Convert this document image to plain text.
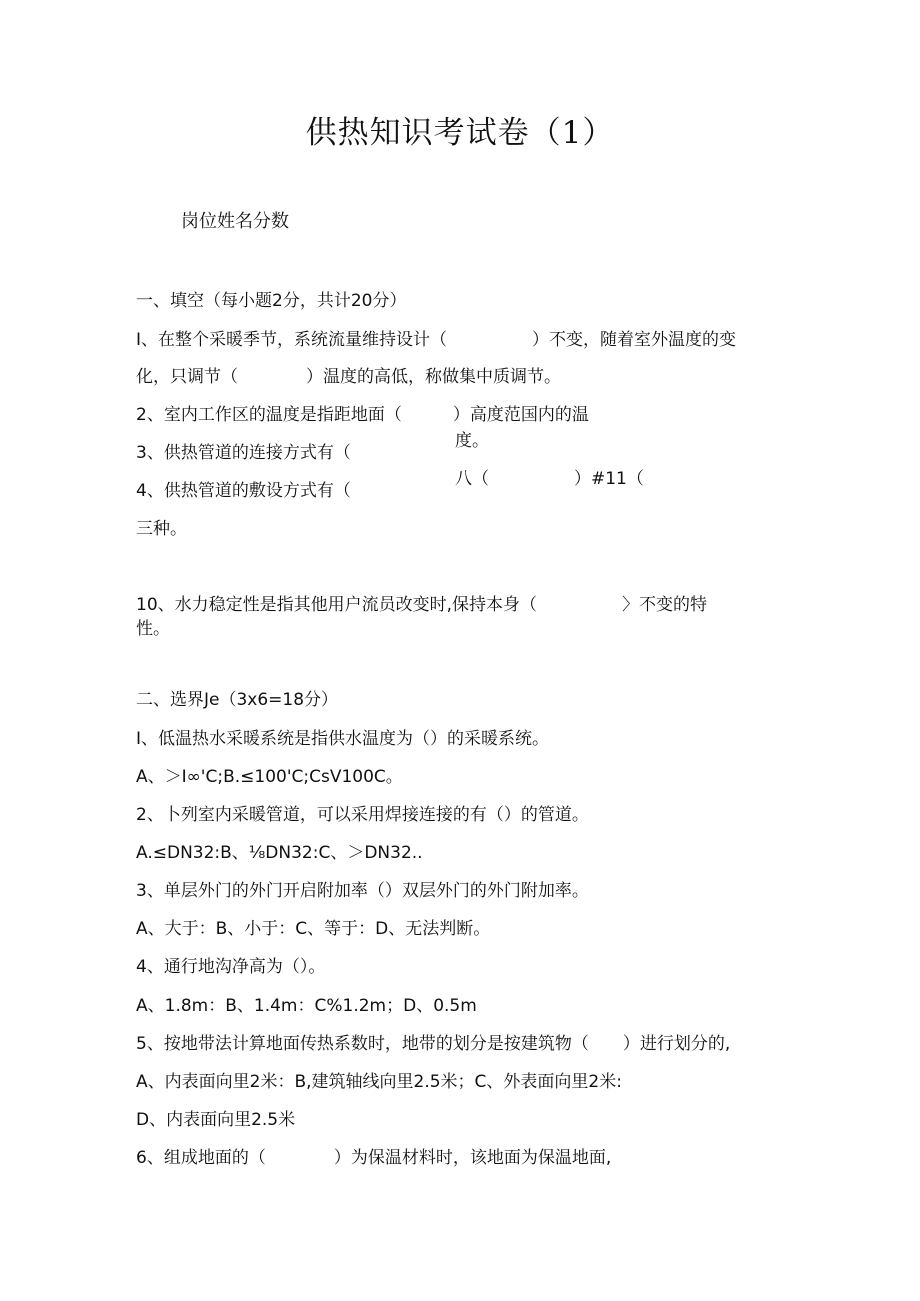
供热知识考试卷（1）
岗位姓名分数
一、填空（每小题2分，共计20分）
I、在整个采暖季节，系统流量维持设计（　　　　　）不变，随着室外温度的变
化，只调节（　　　　）温度的高低，称做集中质调节。
2、室内工作区的温度是指距地面（　　　）高度范国内的温
度。
3、供热管道的连接方式有（
八（　　　　　）#11（
4、供热管道的敷设方式有（
三种。
10、水力稳定性是指其他用户流员改变时,保持本身（　　　　　〉不变的特
性。
二、选界Je（3x6=18分）
I、低温热水采暖系统是指供水温度为（）的采暖系统。
A、＞I∞'C;B.≤100'C;CsV100C。
2、卜列室内采暖管道，可以采用焊接连接的有（）的管道。
A.≤DN32:B、⅛DN32:C、＞DN32..
3、单层外门的外门开启附加率（）双层外门的外门附加率。
A、大于：B、小于：C、等于：D、无法判断。
4、通行地沟净高为（）。
A、1.8m：B、1.4m：C%1.2m；D、0.5m
5、按地带法计算地面传热系数时，地带的划分是按建筑物（　　）进行划分的,
A、内表面向里2米：B,建筑轴线向里2.5米；C、外表面向里2米:
D、内表面向里2.5米
6、组成地面的（　　　　）为保温材料时，该地面为保温地面,
